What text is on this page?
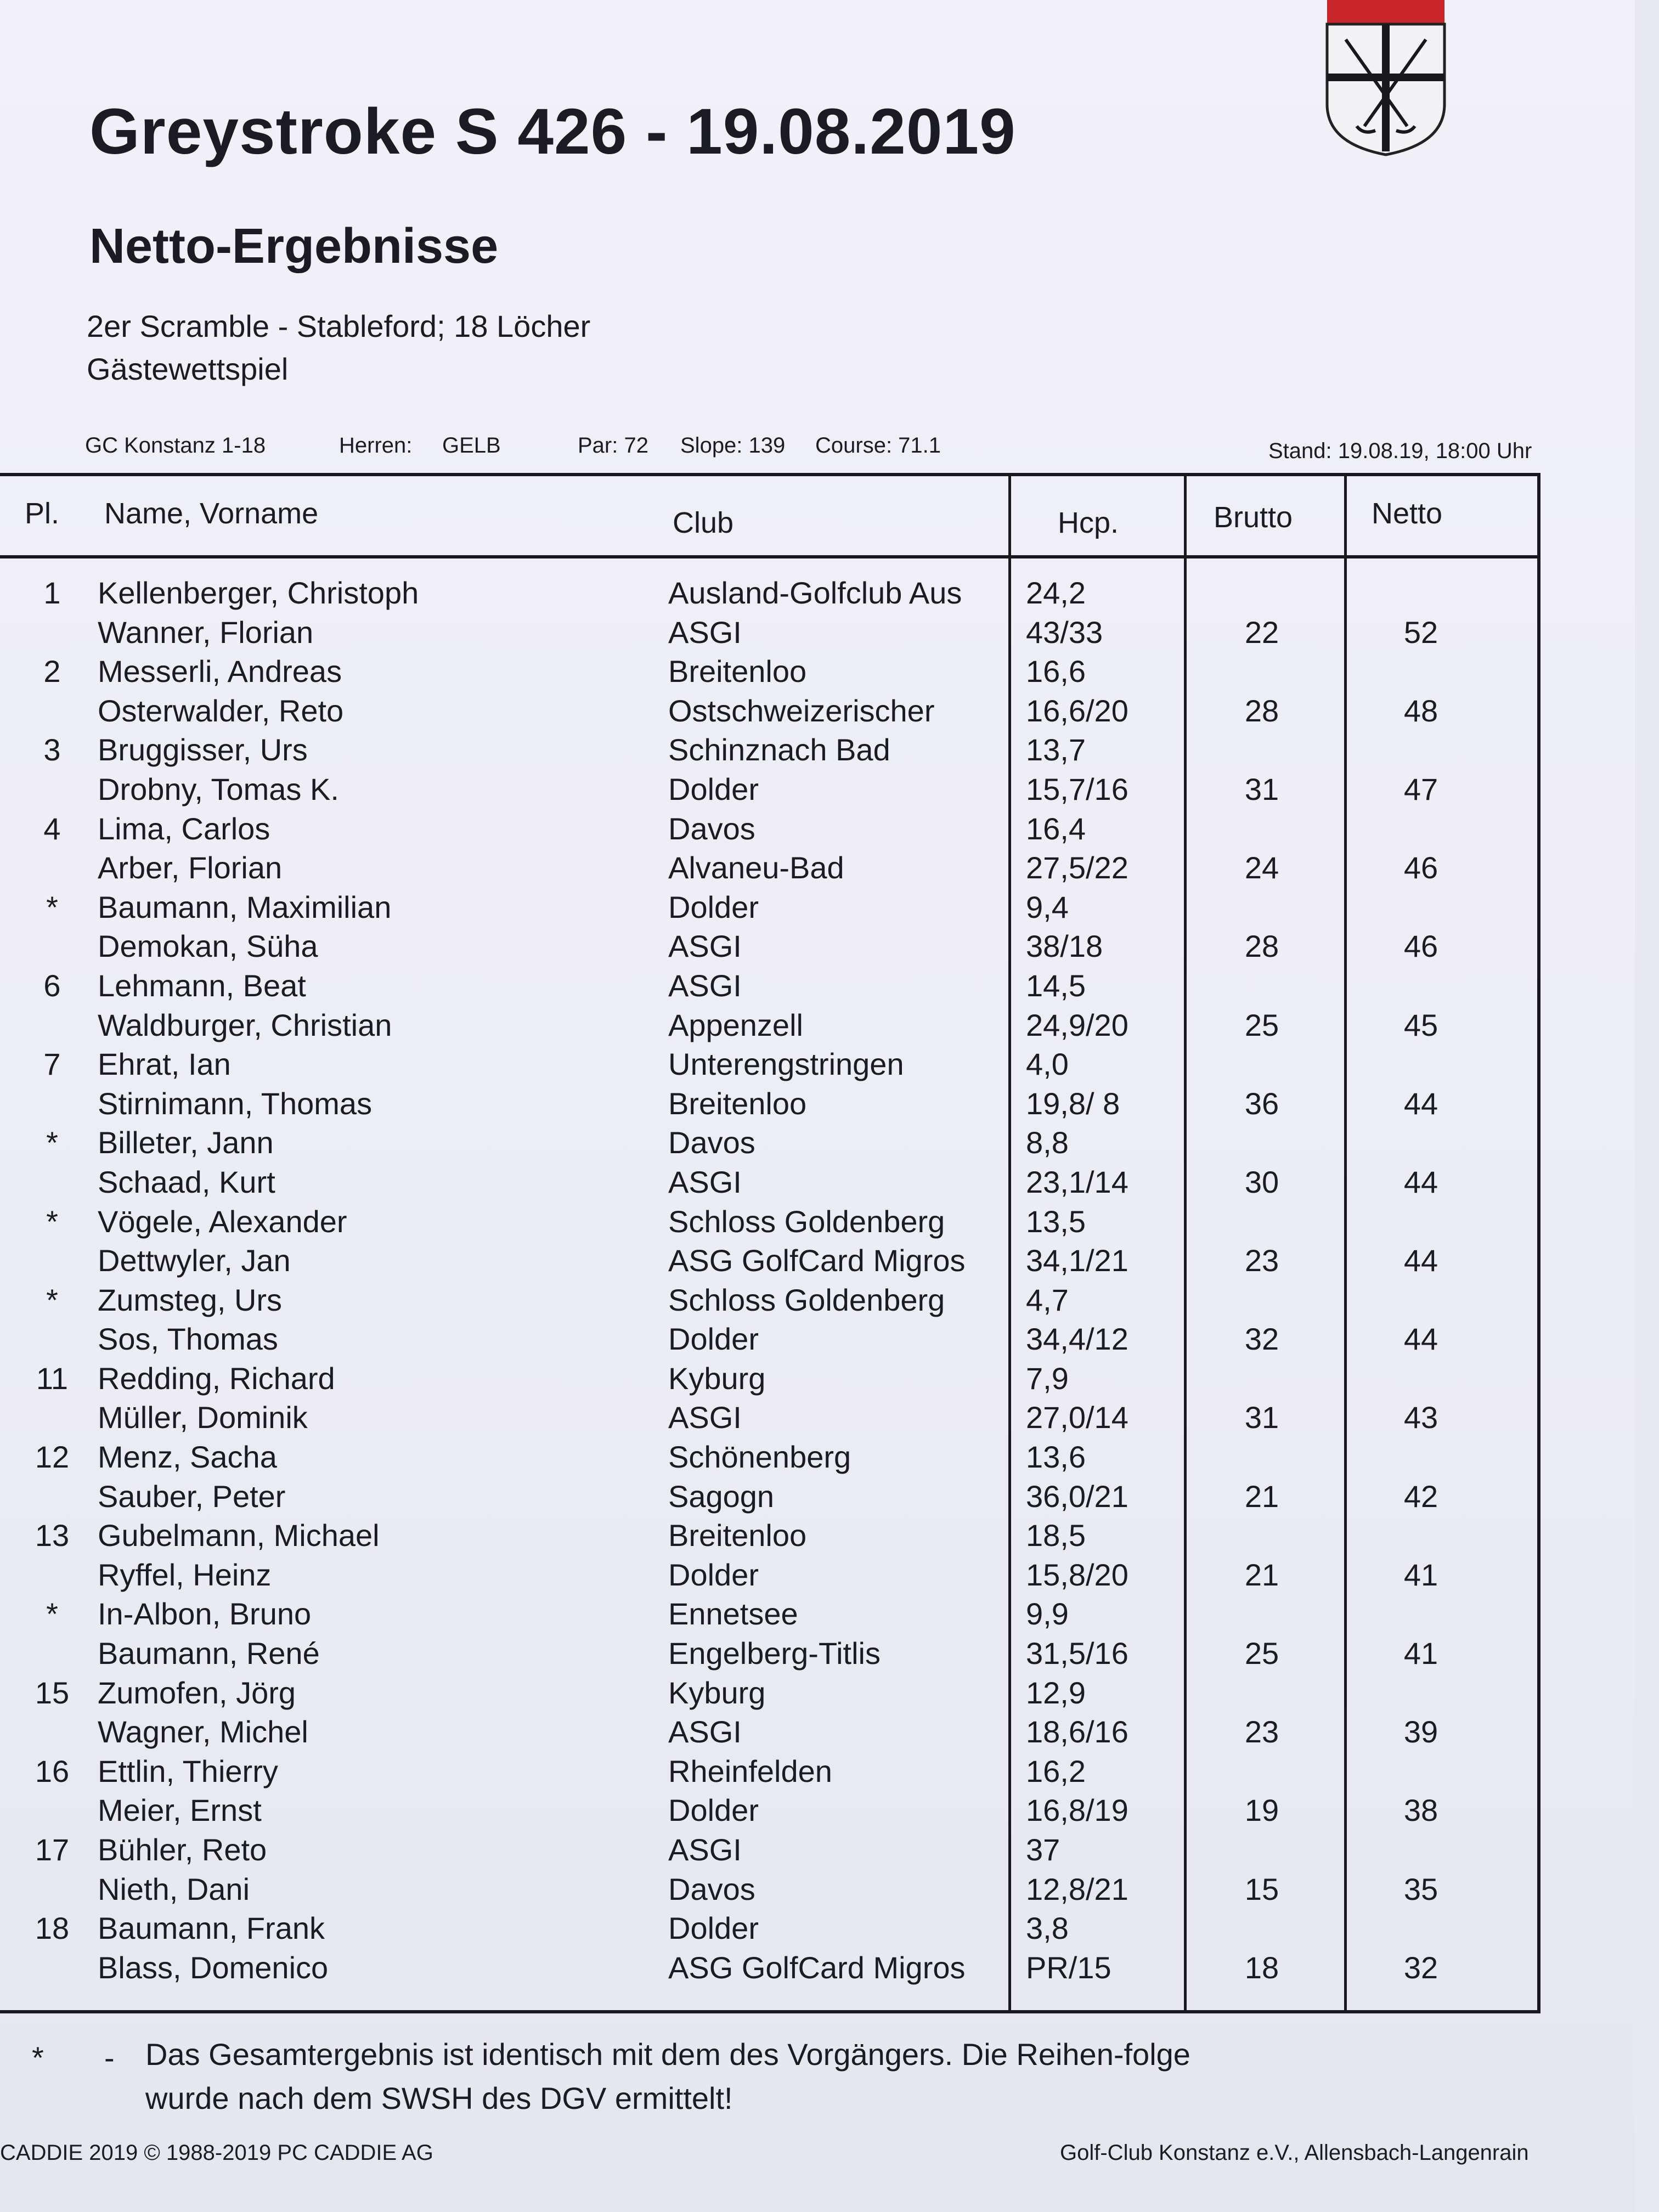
Greystroke S 426 - 19.08.2019
Netto-Ergebnisse
2er Scramble - Stableford; 18 Löcher
Gästewettspiel
GC Konstanz 1-18	Herren: GELB	Par: 72 Slope: 139 Course: 71.1	Stand: 19.08.19, 18:00 Uhr
Pl. Name, Vorname	Club	Hcp.	Brutto	Netto
1	Kellenberger, Christoph	Ausland-Golfclub Aus 24,2
Wanner, Florian	ASGI	43/33	22	52
2	Messerli, Andreas	Breitenloo	16,6
Osterwalder, Reto	Ostschweizerischer	16,6/20	28	48
3	Bruggisser, Urs	Schinznach Bad	13,7
Drobny, Tomas K.	Dolder	15,7/16	31	47
4	Lima, Carlos	Davos	16,4
Arber, Florian	Alvaneu-Bad	27,5/22	24	46
*	Baumann, Maximilian	Dolder	9,4
Demokan, Süha	ASGI	38/18	28	46
6	Lehmann, Beat	ASGI	14,5
Waldburger, Christian	Appenzell	24,9/20	25	45
7	Ehrat, Ian	Unterengstringen	4,0
Stirnimann, Thomas	Breitenloo	19,8/ 8	36	44
*	Billeter, Jann	Davos	8,8
Schaad, Kurt	ASGI	23,1/14	30	44
*	Vögele, Alexander	Schloss Goldenberg	13,5
Dettwyler, Jan	ASG GolfCard Migros 34,1/21	23	44
*	Zumsteg, Urs	Schloss Goldenberg	4,7
Sos, Thomas	Dolder	34,4/12	32	44
11 Redding, Richard	Kyburg	7,9
Müller, Dominik	ASGI	27,0/14	31	43
12 Menz, Sacha	Schönenberg	13,6
Sauber, Peter	Sagogn	36,0/21	21	42
13 Gubelmann, Michael	Breitenloo	18,5
Ryffel, Heinz	Dolder	15,8/20	21	41
*	In-Albon, Bruno	Ennetsee	9,9
Baumann, René	Engelberg-Titlis	31,5/16	25	41
15 Zumofen, Jörg	Kyburg	12,9
Wagner, Michel	ASGI	18,6/16	23	39
16 Ettlin, Thierry	Rheinfelden	16,2
Meier, Ernst	Dolder	16,8/19	19	38
17 Bühler, Reto	ASGI	37
Nieth, Dani	Davos	12,8/21	15	35
18 Baumann, Frank	Dolder	3,8
Blass, Domenico	ASG GolfCard Migros PR/15	18	32
* - Das Gesamtergebnis ist identisch mit dem des Vorgängers. Die Reihen-folge wurde nach dem SWSH des DGV ermittelt!
CADDIE 2019 © 1988-2019 PC CADDIE AG	Golf-Club Konstanz e.V., Allensbach-Langenrain
